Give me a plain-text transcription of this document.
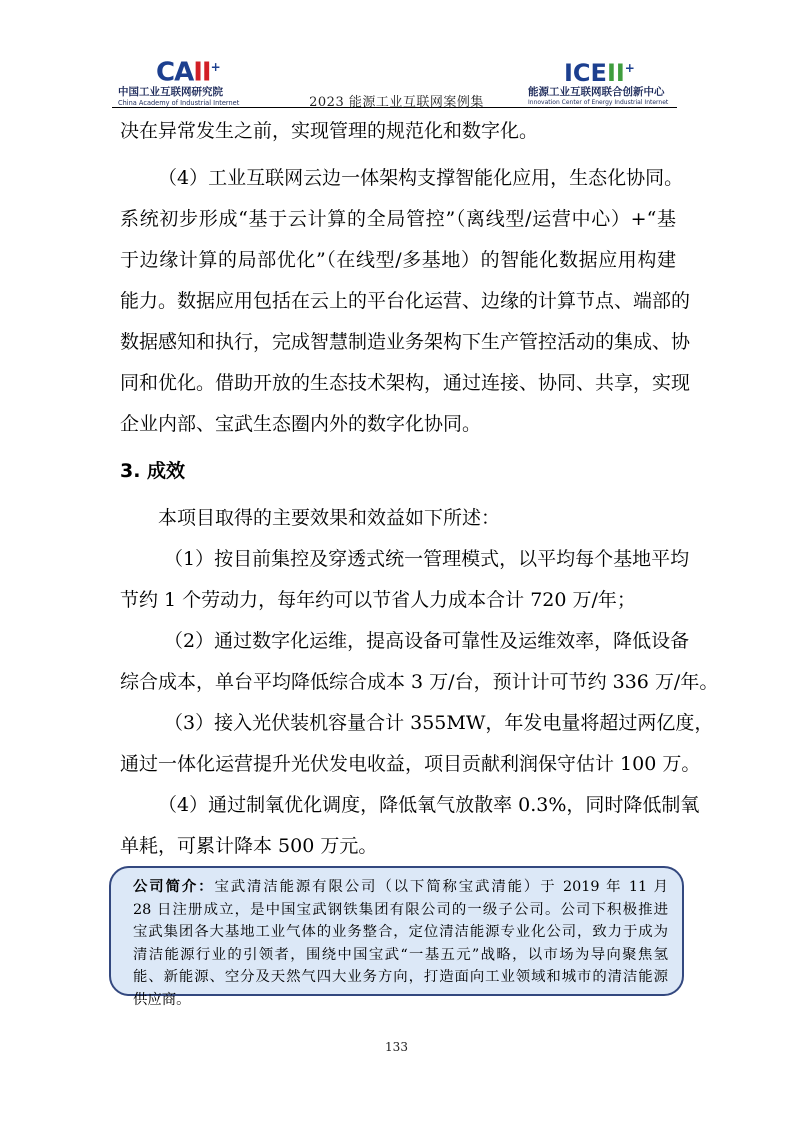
CAII+
中国工业互联网研究院
China Academy of Industrial Internet	2023 能源工业互联网案例集
ICEII+
能源工业互联网联合创新中心
Innovation Center of Energy Industrial Internet
决在异常发生之前，实现管理的规范化和数字化。
（4）工业互联网云边一体架构支撑智能化应用，生态化协同。
系统初步形成“基于云计算的全局管控”（离线型/运营中心）+“基
于边缘计算的局部优化”（在线型/多基地）的智能化数据应用构建
能力。数据应用包括在云上的平台化运营、边缘的计算节点、端部的
数据感知和执行，完成智慧制造业务架构下生产管控活动的集成、协
同和优化。借助开放的生态技术架构，通过连接、协同、共享，实现
企业内部、宝武生态圈内外的数字化协同。
3. 成效
本项目取得的主要效果和效益如下所述：
（1）按目前集控及穿透式统一管理模式，以平均每个基地平均
节约 1 个劳动力，每年约可以节省人力成本合计 720 万/年；
（2）通过数字化运维，提高设备可靠性及运维效率，降低设备
综合成本，单台平均降低综合成本 3 万/台，预计计可节约 336 万/年。
（3）接入光伏装机容量合计 355MW，年发电量将超过两亿度，
通过一体化运营提升光伏发电收益，项目贡献利润保守估计 100 万。
（4）通过制氧优化调度，降低氧气放散率 0.3%，同时降低制氧
单耗，可累计降本 500 万元。
公司简介：宝武清洁能源有限公司（以下简称宝武清能）于 2019 年 11 月
28 日注册成立，是中国宝武钢铁集团有限公司的一级子公司。公司下积极推进
宝武集团各大基地工业气体的业务整合，定位清洁能源专业化公司，致力于成为
清洁能源行业的引领者，围绕中国宝武“一基五元”战略，以市场为导向聚焦氢
能、新能源、空分及天然气四大业务方向，打造面向工业领域和城市的清洁能源
供应商。
133
